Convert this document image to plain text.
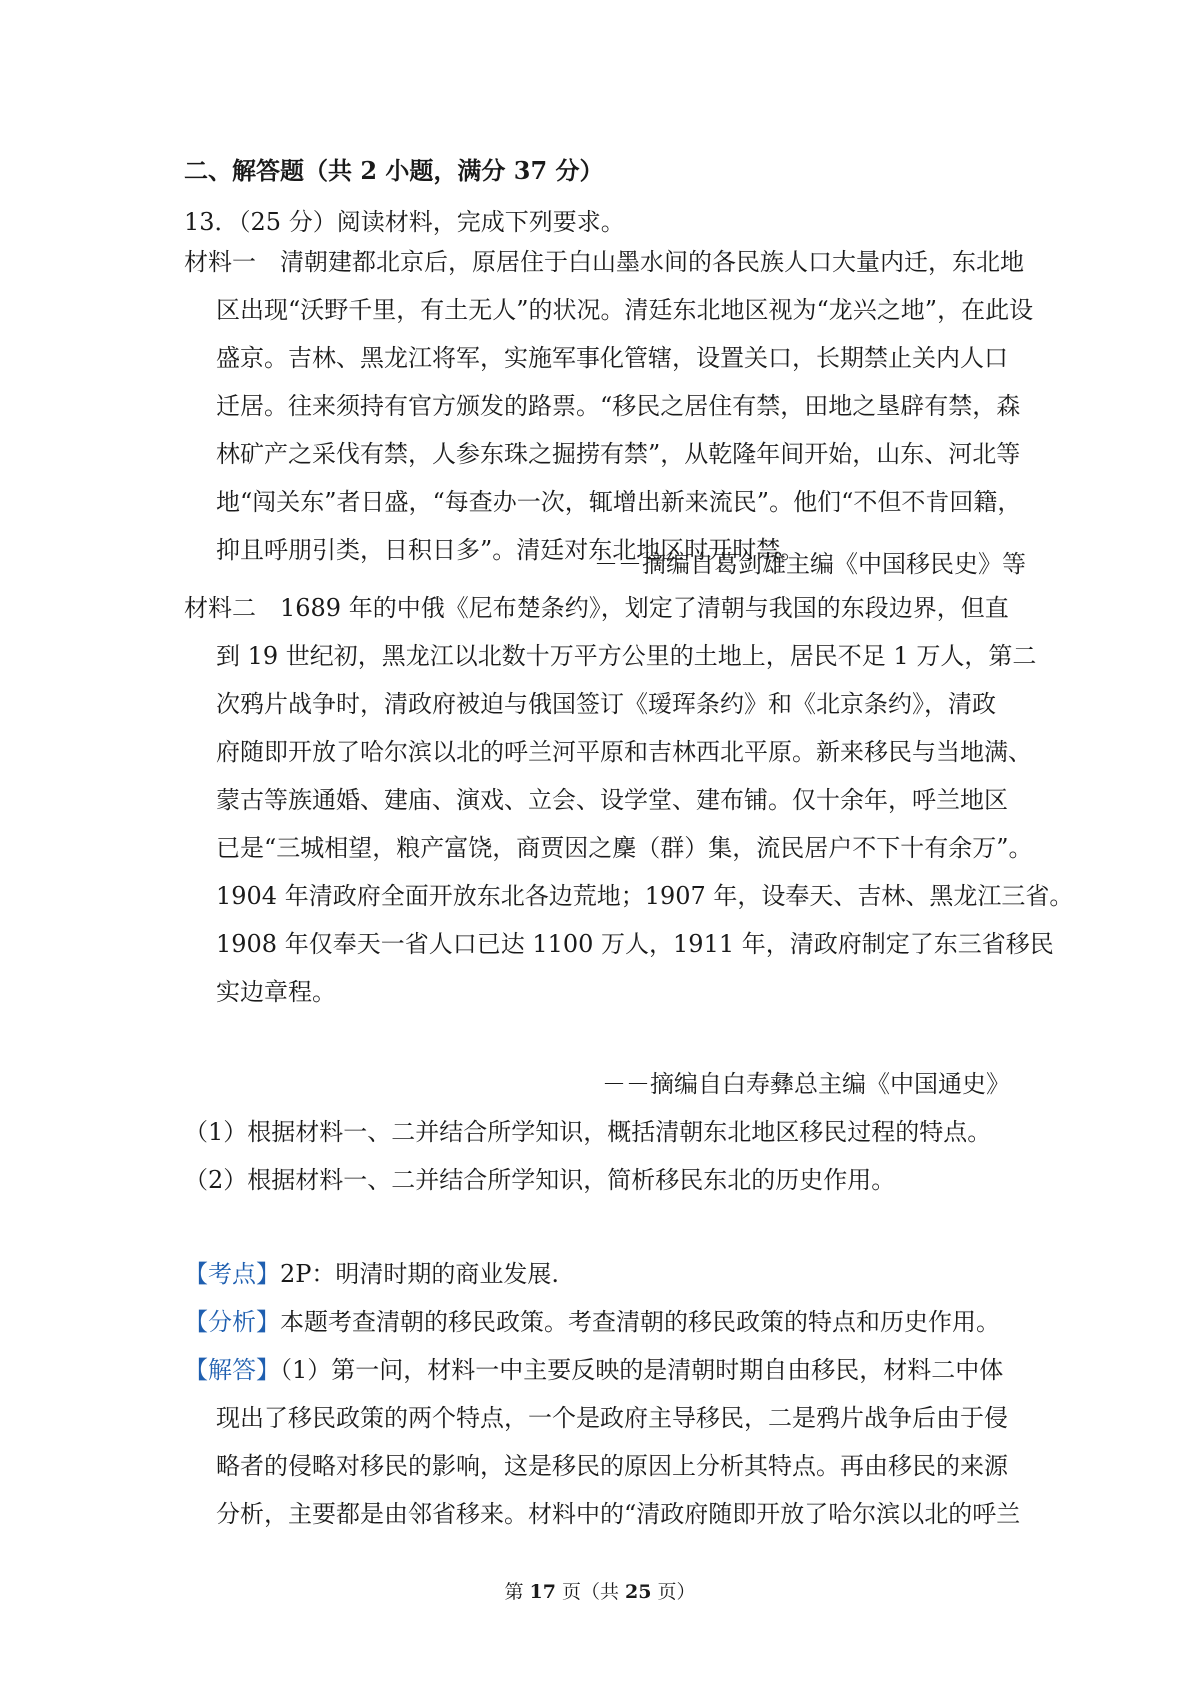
二、解答题（共 2 小题，满分 37 分）
13．（25 分）阅读材料，完成下列要求。
材料一　清朝建都北京后，原居住于白山墨水间的各民族人口大量内迁，东北地
区出现“沃野千里，有土无人”的状况。清廷东北地区视为“龙兴之地”，在此设
盛京。吉林、黑龙江将军，实施军事化管辖，设置关口，长期禁止关内人口
迁居。往来须持有官方颁发的路票。“移民之居住有禁，田地之垦辟有禁，森
林矿产之采伐有禁，人参东珠之掘捞有禁”，从乾隆年间开始，山东、河北等
地“闯关东”者日盛，“每查办一次，辄增出新来流民”。他们“不但不肯回籍，
抑且呼朋引类，日积日多”。清廷对东北地区时开时禁。
－－摘编自葛剑雄主编《中国移民史》等
材料二　1689 年的中俄《尼布楚条约》，划定了清朝与我国的东段边界，但直
到 19 世纪初，黑龙江以北数十万平方公里的土地上，居民不足 1 万人，第二
次鸦片战争时，清政府被迫与俄国签订《瑷珲条约》和《北京条约》，清政
府随即开放了哈尔滨以北的呼兰河平原和吉林西北平原。新来移民与当地满、
蒙古等族通婚、建庙、演戏、立会、设学堂、建布铺。仅十余年，呼兰地区
已是“三城相望，粮产富饶，商贾因之麇（群）集，流民居户不下十有余万”。
1904 年清政府全面开放东北各边荒地；1907 年，设奉天、吉林、黑龙江三省。
1908 年仅奉天一省人口已达 1100 万人，1911 年，清政府制定了东三省移民
实边章程。
－－摘编自白寿彝总主编《中国通史》
（1）根据材料一、二并结合所学知识，概括清朝东北地区移民过程的特点。
（2）根据材料一、二并结合所学知识，简析移民东北的历史作用。
【考点】2P：明清时期的商业发展.
【分析】本题考查清朝的移民政策。考查清朝的移民政策的特点和历史作用。
【解答】（1）第一问，材料一中主要反映的是清朝时期自由移民，材料二中体
现出了移民政策的两个特点，一个是政府主导移民，二是鸦片战争后由于侵
略者的侵略对移民的影响，这是移民的原因上分析其特点。再由移民的来源
分析，主要都是由邻省移来。材料中的“清政府随即开放了哈尔滨以北的呼兰
第 17 页（共 25 页）
